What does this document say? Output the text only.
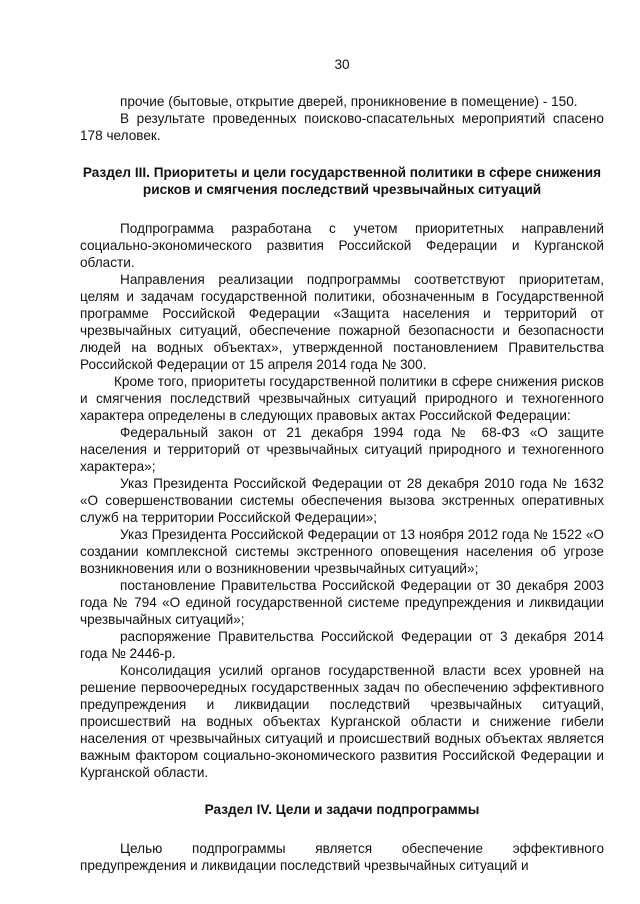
30

прочие (бытовые, открытие дверей, проникновение в помещение) - 150.

В результате проведенных поисково-спасательных мероприятий спасено 178 человек.

Раздел III. Приоритеты и цели государственной политики в сфере снижения рисков и смягчения последствий чрезвычайных ситуаций

Подпрограмма разработана с учетом приоритетных направлений социально-экономического развития Российской Федерации и Курганской области.

Направления реализации подпрограммы соответствуют приоритетам, целям и задачам государственной политики, обозначенным в Государственной программе Российской Федерации «Защита населения и территорий от чрезвычайных ситуаций, обеспечение пожарной безопасности и безопасности людей на водных объектах», утвержденной постановлением Правительства Российской Федерации от 15 апреля 2014 года № 300.

Кроме того, приоритеты государственной политики в сфере снижения рисков и смягчения последствий чрезвычайных ситуаций природного и техногенного характера определены в следующих правовых актах Российской Федерации:

Федеральный закон от 21 декабря 1994 года № 68-ФЗ «О защите населения и территорий от чрезвычайных ситуаций природного и техногенного характера»;

Указ Президента Российской Федерации от 28 декабря 2010 года № 1632 «О совершенствовании системы обеспечения вызова экстренных оперативных служб на территории Российской Федерации»;

Указ Президента Российской Федерации от 13 ноября 2012 года № 1522 «О создании комплексной системы экстренного оповещения населения об угрозе возникновения или о возникновении чрезвычайных ситуаций»;

постановление Правительства Российской Федерации от 30 декабря 2003 года № 794 «О единой государственной системе предупреждения и ликвидации чрезвычайных ситуаций»;

распоряжение Правительства Российской Федерации от 3 декабря 2014 года № 2446-р.

Консолидация усилий органов государственной власти всех уровней на решение первоочередных государственных задач по обеспечению эффективного предупреждения и ликвидации последствий чрезвычайных ситуаций, происшествий на водных объектах Курганской области и снижение гибели населения от чрезвычайных ситуаций и происшествий водных объектах является важным фактором социально-экономического развития Российской Федерации и Курганской области.

Раздел IV. Цели и задачи подпрограммы

Целью подпрограммы является обеспечение эффективного предупреждения и ликвидации последствий чрезвычайных ситуаций и
